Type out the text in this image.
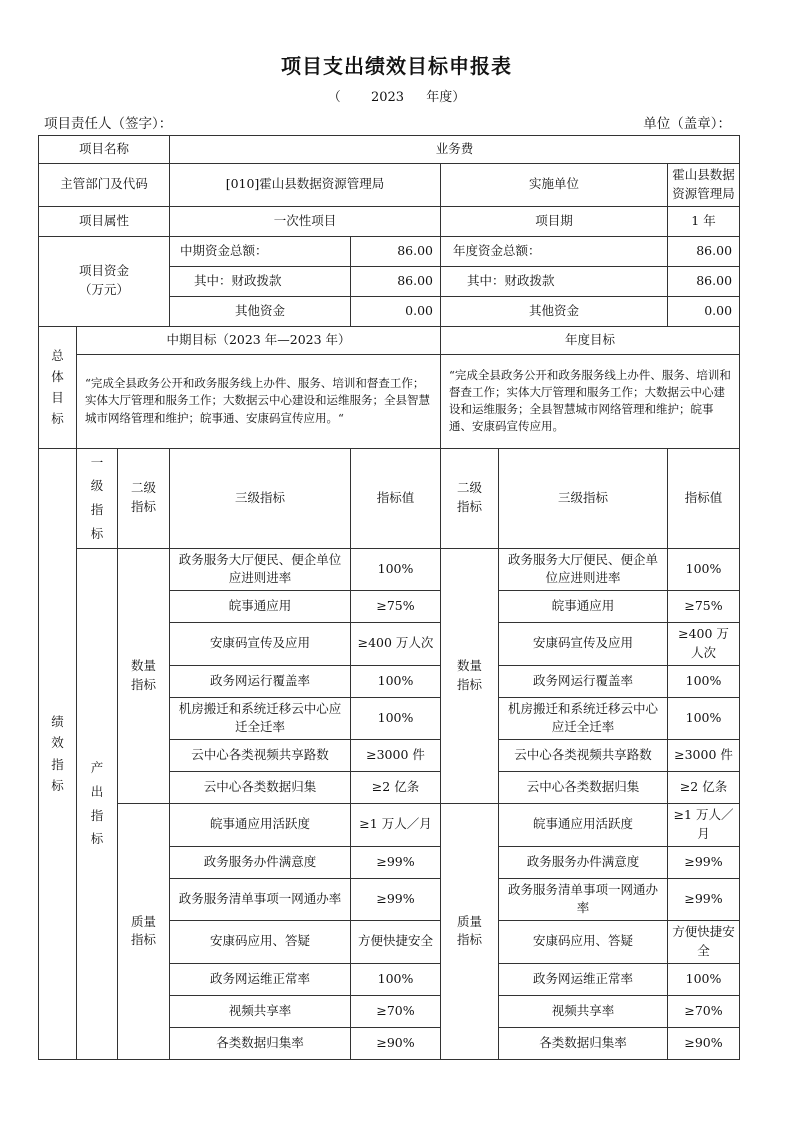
项目支出绩效目标申报表
（ 2023 年度）
项目责任人（签字）：	单位（盖章）：
项目名称			业务费				
主管部门及代码			[010]霍山县数据资源管理局		实施单位		霍山县数据资源管理局
项目属性			一次性项目		项目期		1 年

项目资金
（万元）			中期资金总额：	86.00	年度资金总额：		86.00
			其中：财政拨款	86.00	其中：财政拨款		86.00
			其他资金	0.00	其他资金		0.00
总体目标	中期目标（2023 年—2023 年）				年度目标		
	“完成全县政务公开和政务服务线上办件、服务、培训和督查工作；实体大厅管理和服务工作；大数据云中心建设和运维服务；全县智慧城市网络管理和维护；皖事通、安康码宣传应用。“				“完成全县政务公开和政务服务线上办件、服务、培训和督查工作；实体大厅管理和服务工作；大数据云中心建设和运维服务；全县智慧城市网络管理和维护；皖事通、安康码宣传应用。		
绩效指标	一级指标	二级指标	三级指标	指标值	二级指标	三级指标	指标值
	产出指标	数量指标	政务服务大厅便民、便企单位应进则进率	100%	数量指标	政务服务大厅便民、便企单位应进则进率	100%
			皖事通应用	≥75%		皖事通应用	≥75%
			安康码宣传及应用	≥400 万人次		安康码宣传及应用	≥400 万人次
			政务网运行覆盖率	100%		政务网运行覆盖率	100%
			机房搬迁和系统迁移云中心应迁全迁率	100%		机房搬迁和系统迁移云中心应迁全迁率	100%
			云中心各类视频共享路数	≥3000 件		云中心各类视频共享路数	≥3000 件
			云中心各类数据归集	≥2 亿条		云中心各类数据归集	≥2 亿条

		质量指标	皖事通应用活跃度	≥1 万人／月	质量指标	皖事通应用活跃度	≥1 万人／月
			政务服务办件满意度	≥99%		政务服务办件满意度	≥99%
			政务服务清单事项一网通办率	≥99%		政务服务清单事项一网通办率	≥99%
			安康码应用、答疑	方便快捷安全		安康码应用、答疑	方便快捷安全
			政务网运维正常率	100%		政务网运维正常率	100%
			视频共享率	≥70%		视频共享率	≥70%
			各类数据归集率	≥90%		各类数据归集率	≥90%
